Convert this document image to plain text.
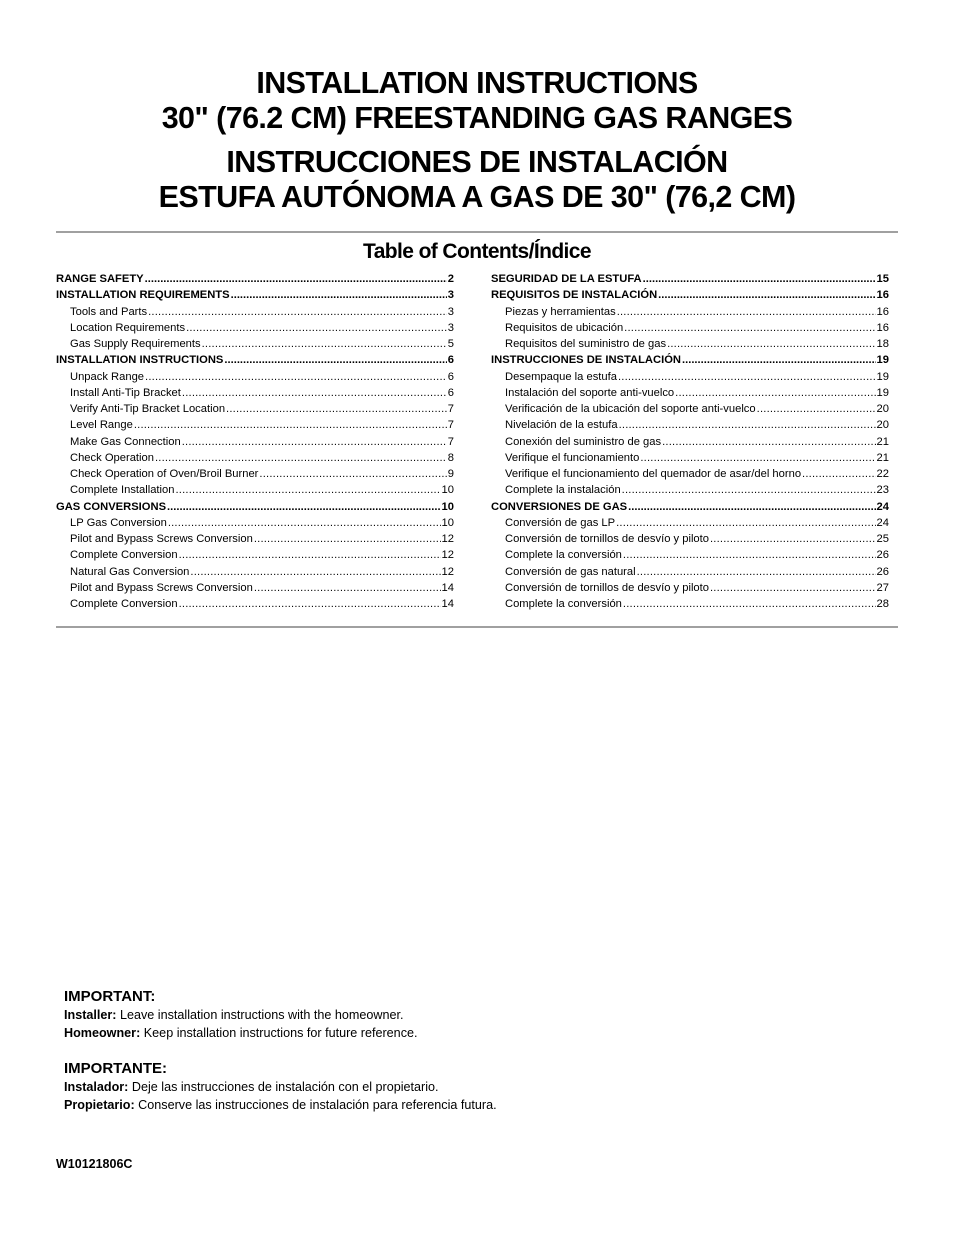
INSTALLATION INSTRUCTIONS

30" (76.2 CM) FREESTANDING GAS RANGES

INSTRUCCIONES DE INSTALACIÓN

ESTUFA AUTÓNOMA A GAS DE 30" (76,2 CM)

Table of Contents/Índice
RANGE SAFETY .....	2
INSTALLATION REQUIREMENTS .....	3
Tools and Parts .....	3
Location Requirements .....	3
Gas Supply Requirements .....	5
INSTALLATION INSTRUCTIONS .....	6
Unpack Range .....	6
Install Anti-Tip Bracket .....	6
Verify Anti-Tip Bracket Location .....	7
Level Range .....	7
Make Gas Connection .....	7
Check Operation .....	8
Check Operation of Oven/Broil Burner .....	9
Complete Installation .....	10
GAS CONVERSIONS .....	10
LP Gas Conversion .....	10
Pilot and Bypass Screws Conversion .....	12
Complete Conversion .....	12
Natural Gas Conversion .....	12
Pilot and Bypass Screws Conversion .....	14
Complete Conversion .....	14
SEGURIDAD DE LA ESTUFA .....	15
REQUISITOS DE INSTALACIÓN .....	16
Piezas y herramientas .....	16
Requisitos de ubicación .....	16
Requisitos del suministro de gas .....	18
INSTRUCCIONES DE INSTALACIÓN .....	19
Desempaque la estufa .....	19
Instalación del soporte anti-vuelco .....	19
Verificación de la ubicación del soporte anti-vuelco .....	20
Nivelación de la estufa .....	20
Conexión del suministro de gas .....	21
Verifique el funcionamiento .....	21
Verifique el funcionamiento del quemador de asar/del horno .....	22
Complete la instalación .....	23
CONVERSIONES DE GAS .....	24
Conversión de gas LP .....	24
Conversión de tornillos de desvío y piloto .....	25
Complete la conversión .....	26
Conversión de gas natural .....	26
Conversión de tornillos de desvío y piloto .....	27
Complete la conversión .....	28

IMPORTANT:

Installer: Leave installation instructions with the homeowner.

Homeowner: Keep installation instructions for future reference.

IMPORTANTE:

Instalador: Deje las instrucciones de instalación con el propietario.

Propietario: Conserve las instrucciones de instalación para referencia futura.

W10121806C
